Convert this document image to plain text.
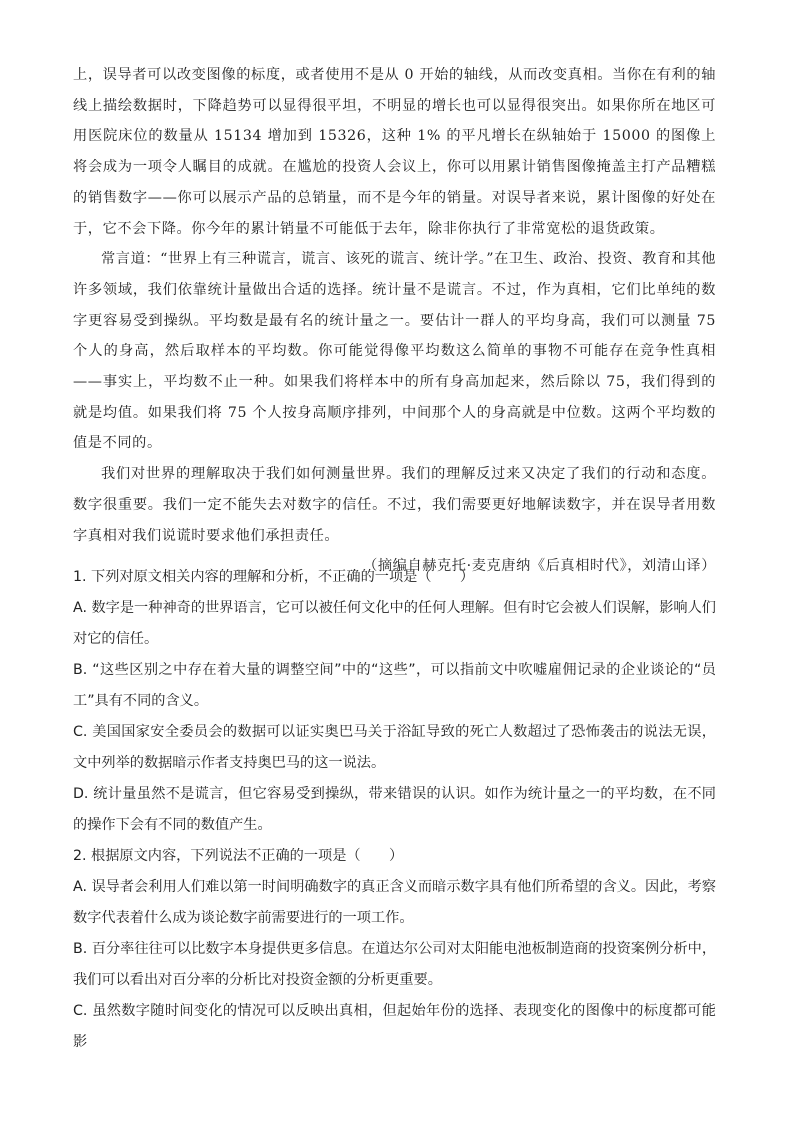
上，误导者可以改变图像的标度，或者使用不是从 0 开始的轴线，从而改变真相。当你在有利的轴线上描绘数据时，下降趋势可以显得很平坦，不明显的增长也可以显得很突出。如果你所在地区可用医院床位的数量从 15134 增加到 15326，这种 1% 的平凡增长在纵轴始于 15000 的图像上将会成为一项令人瞩目的成就。在尴尬的投资人会议上，你可以用累计销售图像掩盖主打产品糟糕的销售数字——你可以展示产品的总销量，而不是今年的销量。对误导者来说，累计图像的好处在于，它不会下降。你今年的累计销量不可能低于去年，除非你执行了非常宽松的退货政策。

常言道：“世界上有三种谎言，谎言、该死的谎言、统计学。”在卫生、政治、投资、教育和其他许多领域，我们依靠统计量做出合适的选择。统计量不是谎言。不过，作为真相，它们比单纯的数字更容易受到操纵。平均数是最有名的统计量之一。要估计一群人的平均身高，我们可以测量 75 个人的身高，然后取样本的平均数。你可能觉得像平均数这么简单的事物不可能存在竞争性真相——事实上，平均数不止一种。如果我们将样本中的所有身高加起来，然后除以 75，我们得到的就是均值。如果我们将 75 个人按身高顺序排列，中间那个人的身高就是中位数。这两个平均数的值是不同的。

我们对世界的理解取决于我们如何测量世界。我们的理解反过来又决定了我们的行动和态度。数字很重要。我们一定不能失去对数字的信任。不过，我们需要更好地解读数字，并在误导者用数字真相对我们说谎时要求他们承担责任。

（摘编自赫克托·麦克唐纳《后真相时代》，刘清山译）

1. 下列对原文相关内容的理解和分析，不正确的一项是（　　）

A. 数字是一种神奇的世界语言，它可以被任何文化中的任何人理解。但有时它会被人们误解，影响人们对它的信任。

B. “这些区别之中存在着大量的调整空间”中的“这些”，可以指前文中吹嘘雇佣记录的企业谈论的“员工”具有不同的含义。

C. 美国国家安全委员会的数据可以证实奥巴马关于浴缸导致的死亡人数超过了恐怖袭击的说法无误，文中列举的数据暗示作者支持奥巴马的这一说法。

D. 统计量虽然不是谎言，但它容易受到操纵，带来错误的认识。如作为统计量之一的平均数，在不同的操作下会有不同的数值产生。

2. 根据原文内容，下列说法不正确的一项是（　　）

A. 误导者会利用人们难以第一时间明确数字的真正含义而暗示数字具有他们所希望的含义。因此，考察数字代表着什么成为谈论数字前需要进行的一项工作。

B. 百分率往往可以比数字本身提供更多信息。在道达尔公司对太阳能电池板制造商的投资案例分析中，我们可以看出对百分率的分析比对投资金额的分析更重要。

C. 虽然数字随时间变化的情况可以反映出真相，但起始年份的选择、表现变化的图像中的标度都可能影
